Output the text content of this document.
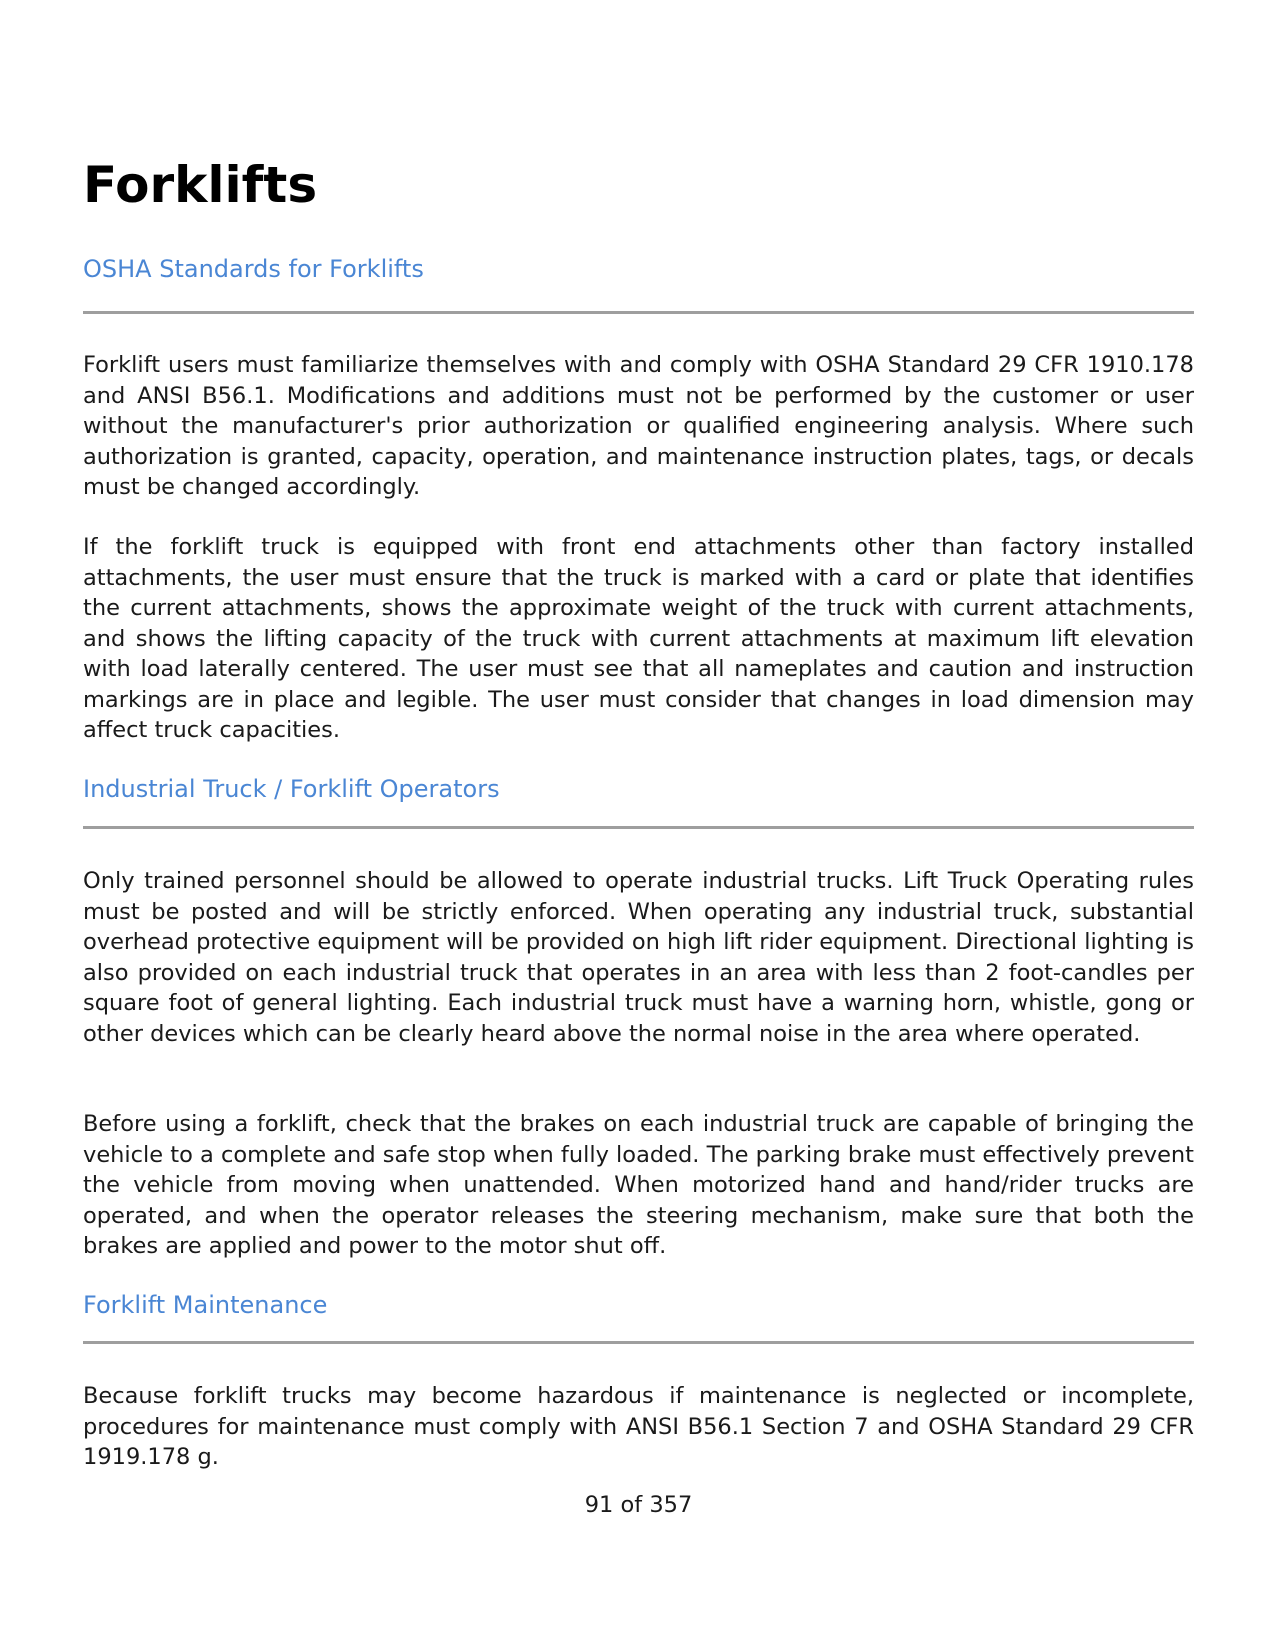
Forklifts
OSHA Standards for Forklifts

Forklift users must familiarize themselves with and comply with OSHA Standard 29 CFR 1910.178 and ANSI B56.1. Modifications and additions must not be performed by the customer or user without the manufacturer's prior authorization or qualified engineering analysis. Where such authorization is granted, capacity, operation, and maintenance instruction plates, tags, or decals must be changed accordingly.

If the forklift truck is equipped with front end attachments other than factory installed attachments, the user must ensure that the truck is marked with a card or plate that identifies the current attachments, shows the approximate weight of the truck with current attachments, and shows the lifting capacity of the truck with current attachments at maximum lift elevation with load laterally centered. The user must see that all nameplates and caution and instruction markings are in place and legible. The user must consider that changes in load dimension may affect truck capacities.

Industrial Truck / Forklift Operators

Only trained personnel should be allowed to operate industrial trucks. Lift Truck Operating rules must be posted and will be strictly enforced. When operating any industrial truck, substantial overhead protective equipment will be provided on high lift rider equipment. Directional lighting is also provided on each industrial truck that operates in an area with less than 2 foot-candles per square foot of general lighting. Each industrial truck must have a warning horn, whistle, gong or other devices which can be clearly heard above the normal noise in the area where operated.

Before using a forklift, check that the brakes on each industrial truck are capable of bringing the vehicle to a complete and safe stop when fully loaded. The parking brake must effectively prevent the vehicle from moving when unattended. When motorized hand and hand/rider trucks are operated, and when the operator releases the steering mechanism, make sure that both the brakes are applied and power to the motor shut off.

Forklift Maintenance

Because forklift trucks may become hazardous if maintenance is neglected or incomplete, procedures for maintenance must comply with ANSI B56.1 Section 7 and OSHA Standard 29 CFR 1919.178 g.

91 of 357
